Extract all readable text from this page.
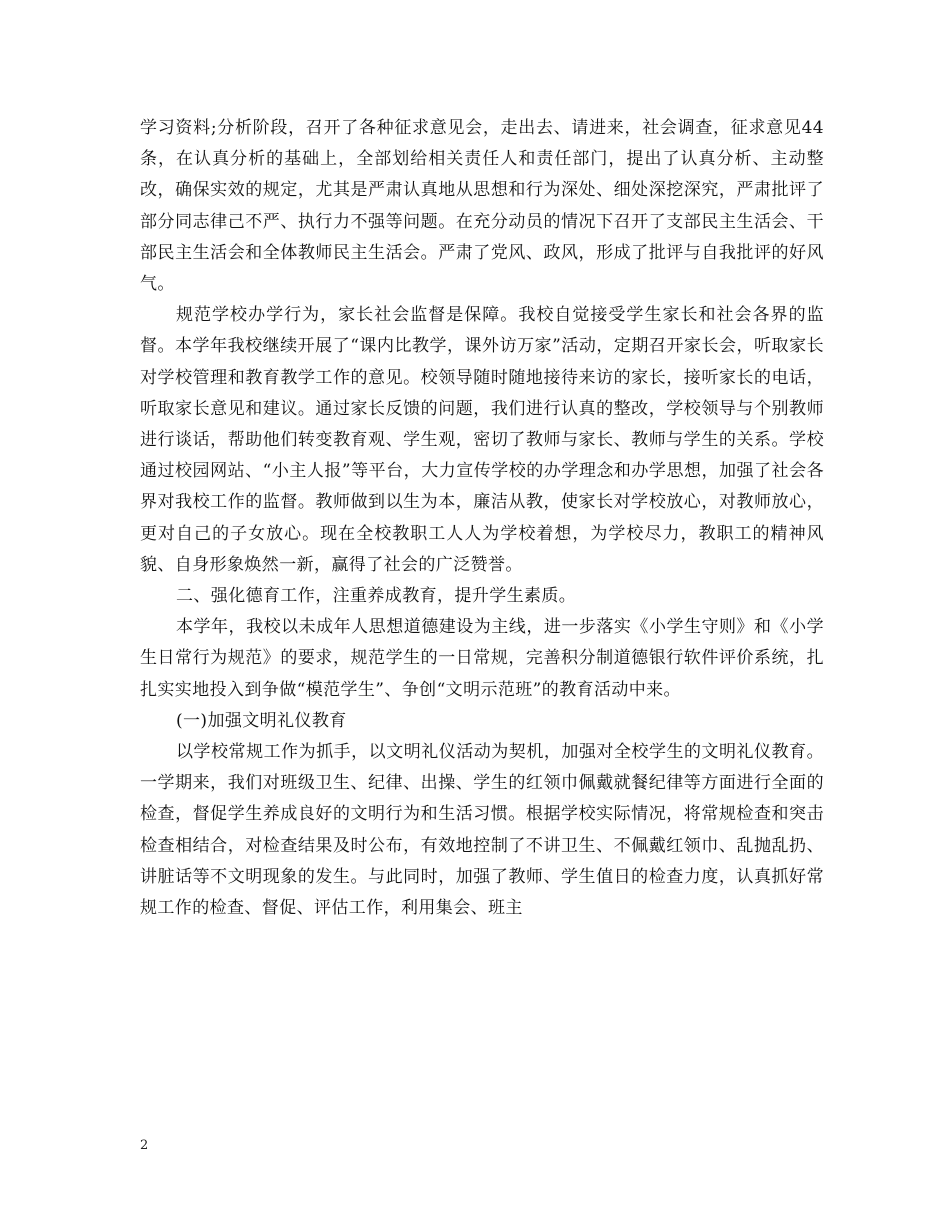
学习资料;分析阶段，召开了各种征求意见会，走出去、请进来，社会调查，征求意见44条，在认真分析的基础上，全部划给相关责任人和责任部门，提出了认真分析、主动整改，确保实效的规定，尤其是严肃认真地从思想和行为深处、细处深挖深究，严肃批评了部分同志律己不严、执行力不强等问题。在充分动员的情况下召开了支部民主生活会、干部民主生活会和全体教师民主生活会。严肃了党风、政风，形成了批评与自我批评的好风气。

规范学校办学行为，家长社会监督是保障。我校自觉接受学生家长和社会各界的监督。本学年我校继续开展了“课内比教学，课外访万家”活动，定期召开家长会，听取家长对学校管理和教育教学工作的意见。校领导随时随地接待来访的家长，接听家长的电话，听取家长意见和建议。通过家长反馈的问题，我们进行认真的整改，学校领导与个别教师进行谈话，帮助他们转变教育观、学生观，密切了教师与家长、教师与学生的关系。学校通过校园网站、“小主人报”等平台，大力宣传学校的办学理念和办学思想，加强了社会各界对我校工作的监督。教师做到以生为本，廉洁从教，使家长对学校放心，对教师放心，更对自己的子女放心。现在全校教职工人人为学校着想，为学校尽力，教职工的精神风貌、自身形象焕然一新，赢得了社会的广泛赞誉。

二、强化德育工作，注重养成教育，提升学生素质。

本学年，我校以未成年人思想道德建设为主线，进一步落实《小学生守则》和《小学生日常行为规范》的要求，规范学生的一日常规，完善积分制道德银行软件评价系统，扎扎实实地投入到争做“模范学生”、争创“文明示范班”的教育活动中来。

(一)加强文明礼仪教育

以学校常规工作为抓手，以文明礼仪活动为契机，加强对全校学生的文明礼仪教育。一学期来，我们对班级卫生、纪律、出操、学生的红领巾佩戴就餐纪律等方面进行全面的检查，督促学生养成良好的文明行为和生活习惯。根据学校实际情况，将常规检查和突击检查相结合，对检查结果及时公布，有效地控制了不讲卫生、不佩戴红领巾、乱抛乱扔、讲脏话等不文明现象的发生。与此同时，加强了教师、学生值日的检查力度，认真抓好常规工作的检查、督促、评估工作，利用集会、班主

2
